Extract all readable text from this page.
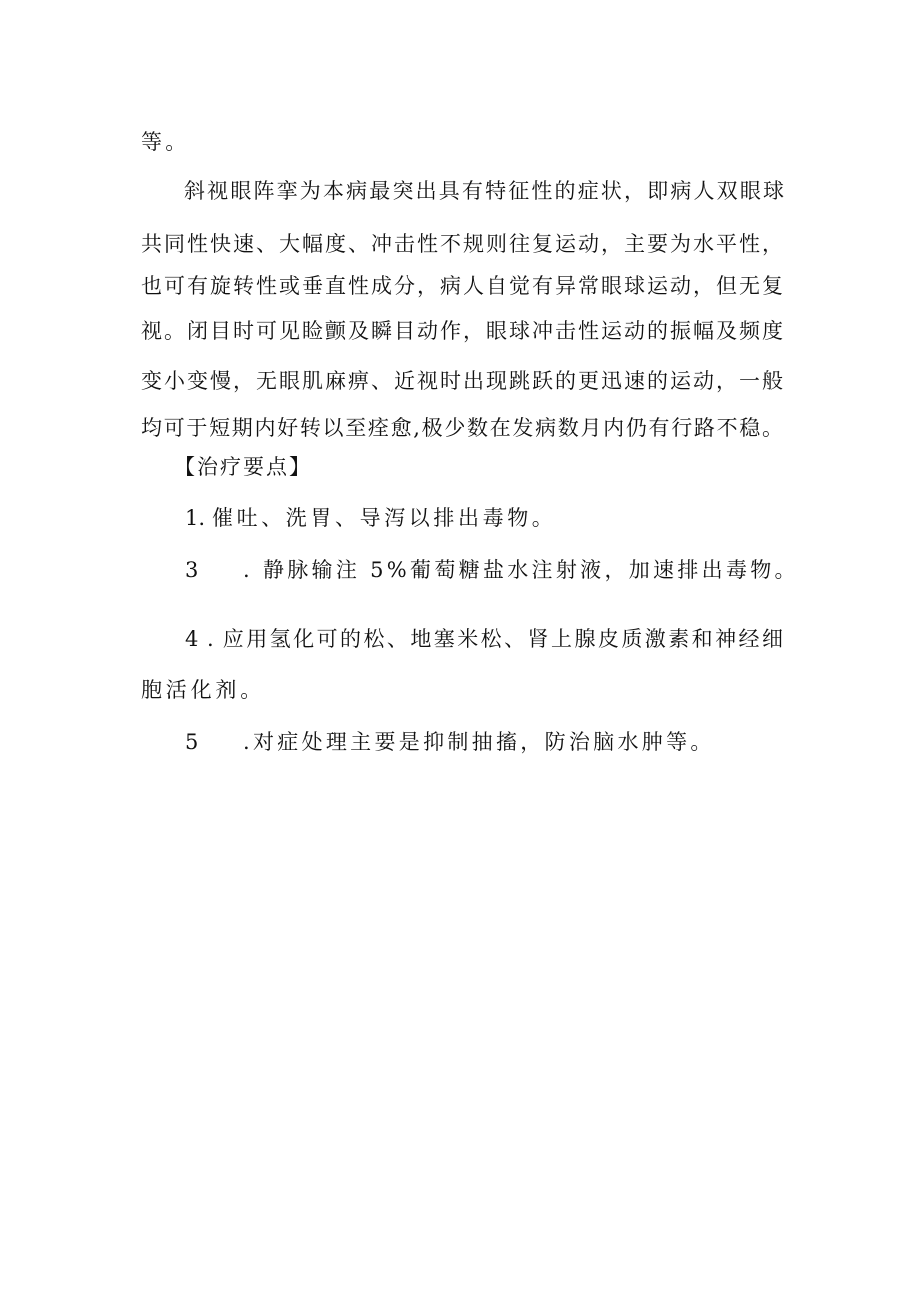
等。
斜视眼阵挛为本病最突出具有特征性的症状，即病人双眼球
共同性快速、大幅度、冲击性不规则往复运动，主要为水平性，
也可有旋转性或垂直性成分，病人自觉有异常眼球运动，但无复
视。闭目时可见睑颤及瞬目动作，眼球冲击性运动的振幅及频度
变小变慢，无眼肌麻痹、近视时出现跳跃的更迅速的运动，一般
均可于短期内好转以至痊愈,极少数在发病数月内仍有行路不稳。
【治疗要点】
1. 催吐、洗胃、导泻以排出毒物。
3 . 静脉输注 5%葡萄糖盐水注射液，加速排出毒物。
4 . 应用氢化可的松、地塞米松、肾上腺皮质激素和神经细
胞活化剂。
5 .对症处理主要是抑制抽搐，防治脑水肿等。
